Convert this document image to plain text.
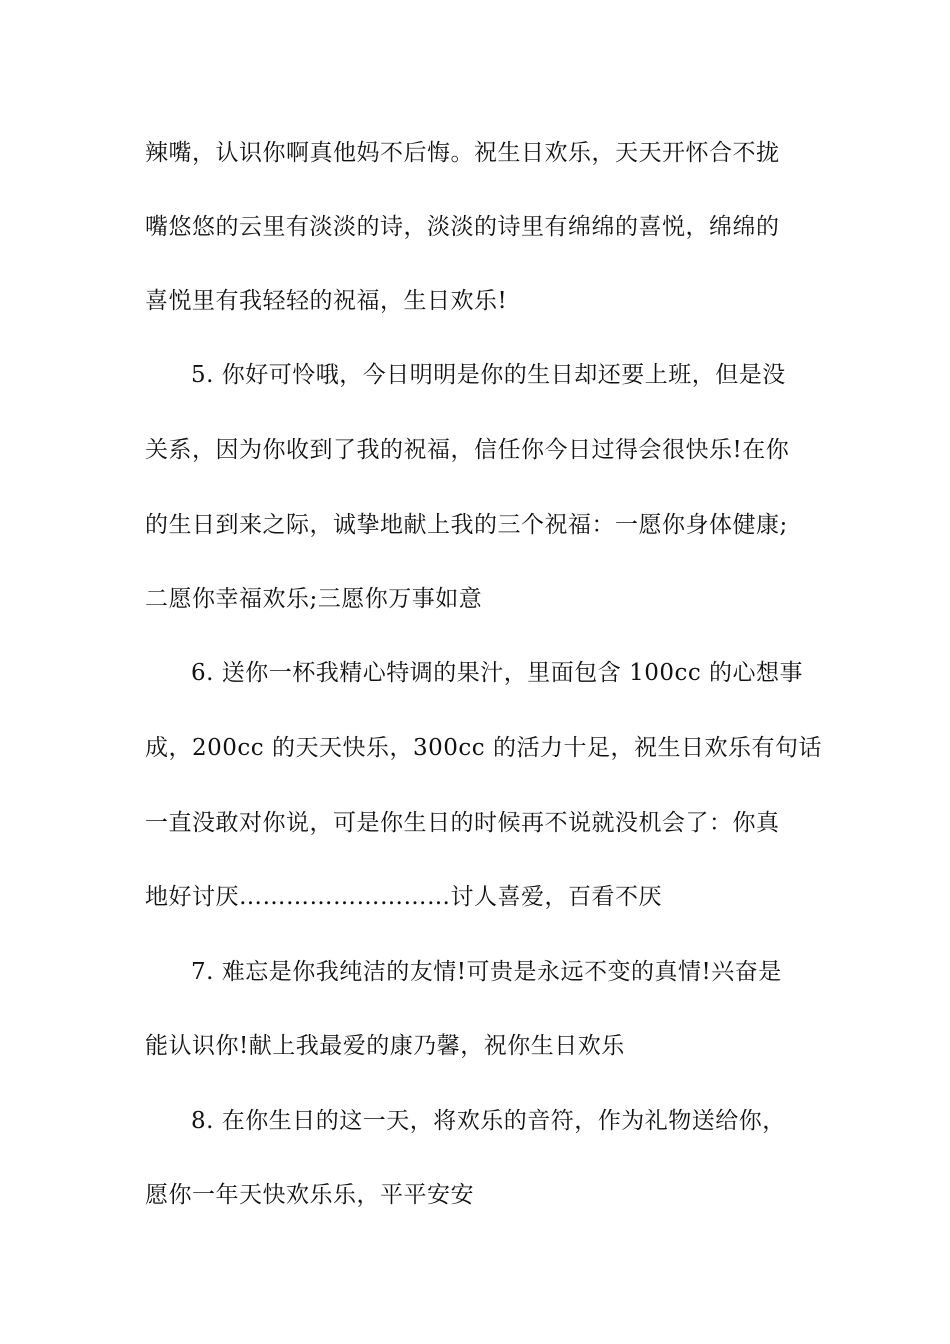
辣嘴，认识你啊真他妈不后悔。祝生日欢乐，天天开怀合不拢
嘴悠悠的云里有淡淡的诗，淡淡的诗里有绵绵的喜悦，绵绵的
喜悦里有我轻轻的祝福，生日欢乐!
5. 你好可怜哦，今日明明是你的生日却还要上班，但是没
关系，因为你收到了我的祝福，信任你今日过得会很快乐!在你
的生日到来之际，诚挚地献上我的三个祝福：一愿你身体健康;
二愿你幸福欢乐;三愿你万事如意
6. 送你一杯我精心特调的果汁，里面包含 100cc 的心想事
成，200cc 的天天快乐，300cc 的活力十足，祝生日欢乐有句话
一直没敢对你说，可是你生日的时候再不说就没机会了：你真
地好讨厌………………………讨人喜爱，百看不厌
7. 难忘是你我纯洁的友情!可贵是永远不变的真情!兴奋是
能认识你!献上我最爱的康乃馨，祝你生日欢乐
8. 在你生日的这一天，将欢乐的音符，作为礼物送给你，
愿你一年天快欢乐乐，平平安安
